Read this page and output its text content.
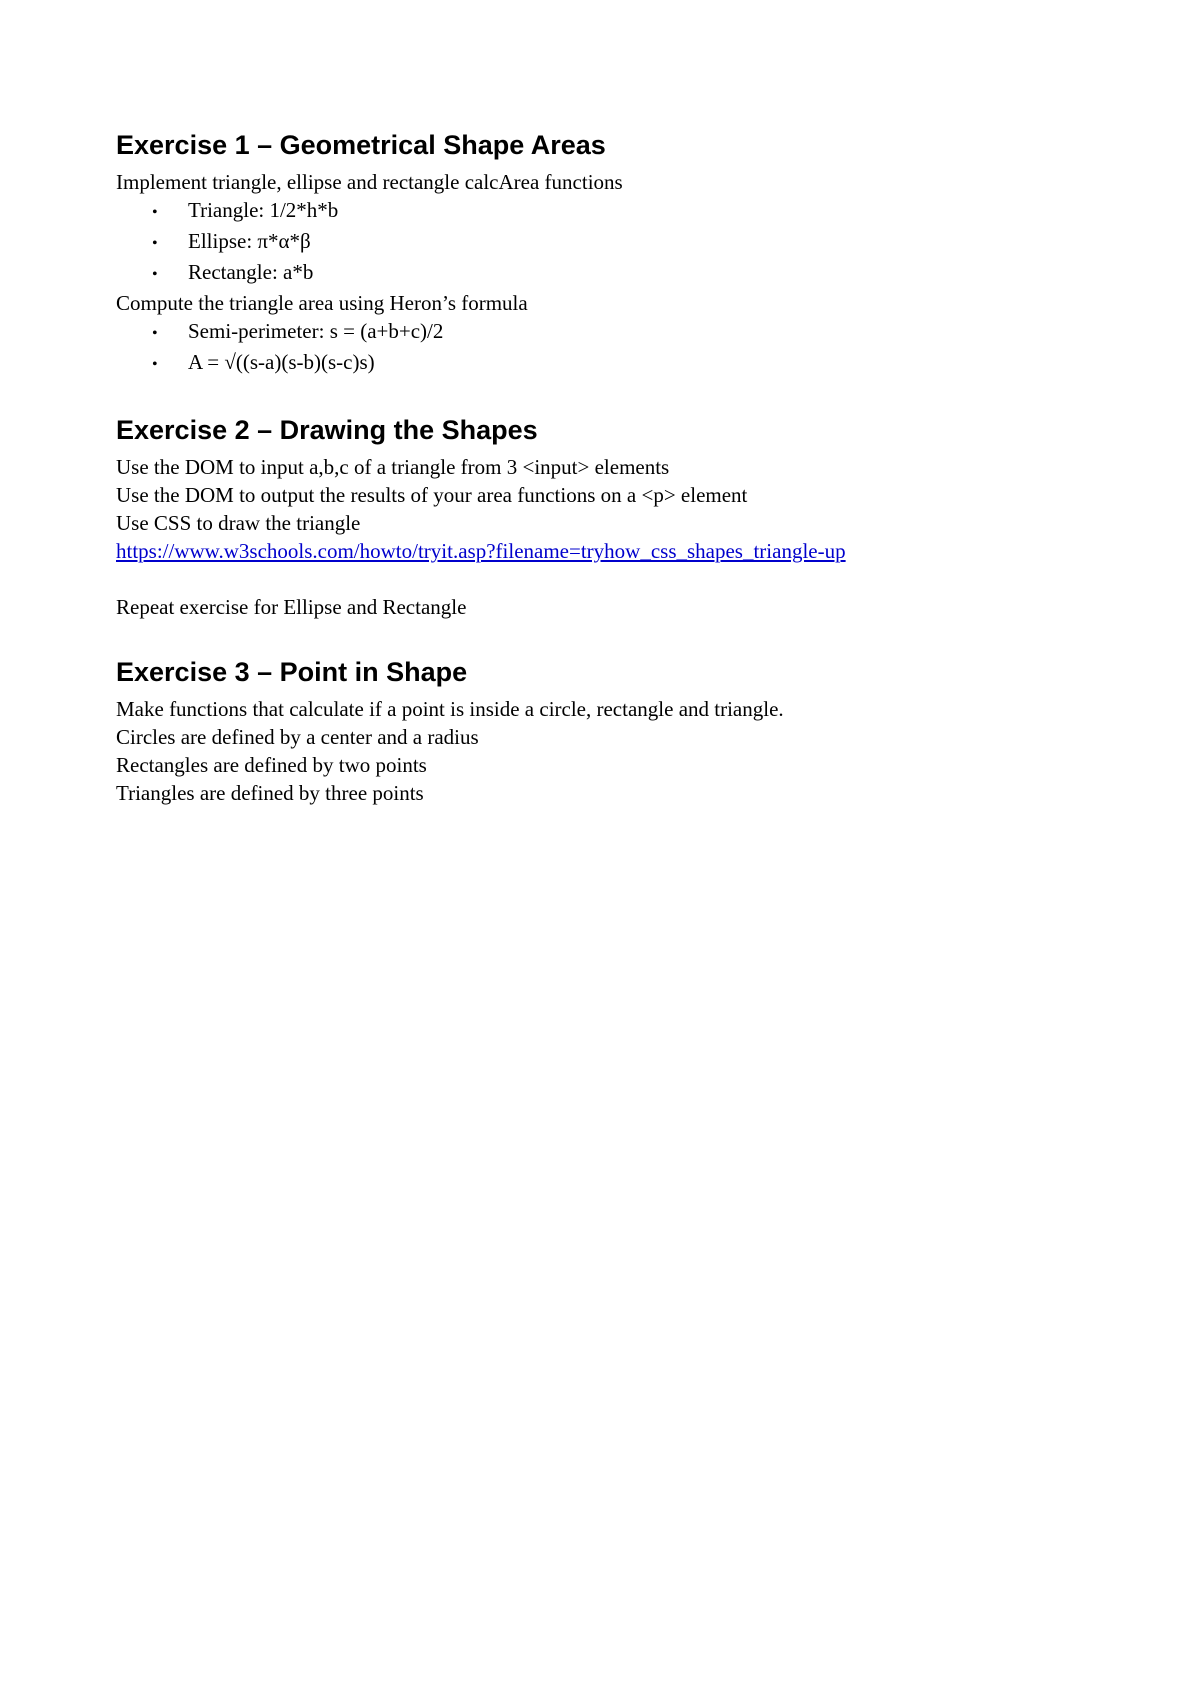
Exercise 1 – Geometrical Shape Areas

Implement triangle, ellipse and rectangle calcArea functions

•	Triangle: 1/2*h*b
•	Ellipse: π*α*β
•	Rectangle: a*b

Compute the triangle area using Heron’s formula

•	Semi-perimeter: s = (a+b+c)/2
•	A = √((s-a)(s-b)(s-c)s)
Exercise 2 – Drawing the Shapes

Use the DOM to input a,b,c of a triangle from 3 <input> elements

Use the DOM to output the results of your area functions on a <p> element

Use CSS to draw the triangle

https://www.w3schools.com/howto/tryit.asp?filename=tryhow_css_shapes_triangle-up

Repeat exercise for Ellipse and Rectangle

Exercise 3 – Point in Shape

Make functions that calculate if a point is inside a circle, rectangle and triangle.

Circles are defined by a center and a radius

Rectangles are defined by two points

Triangles are defined by three points
